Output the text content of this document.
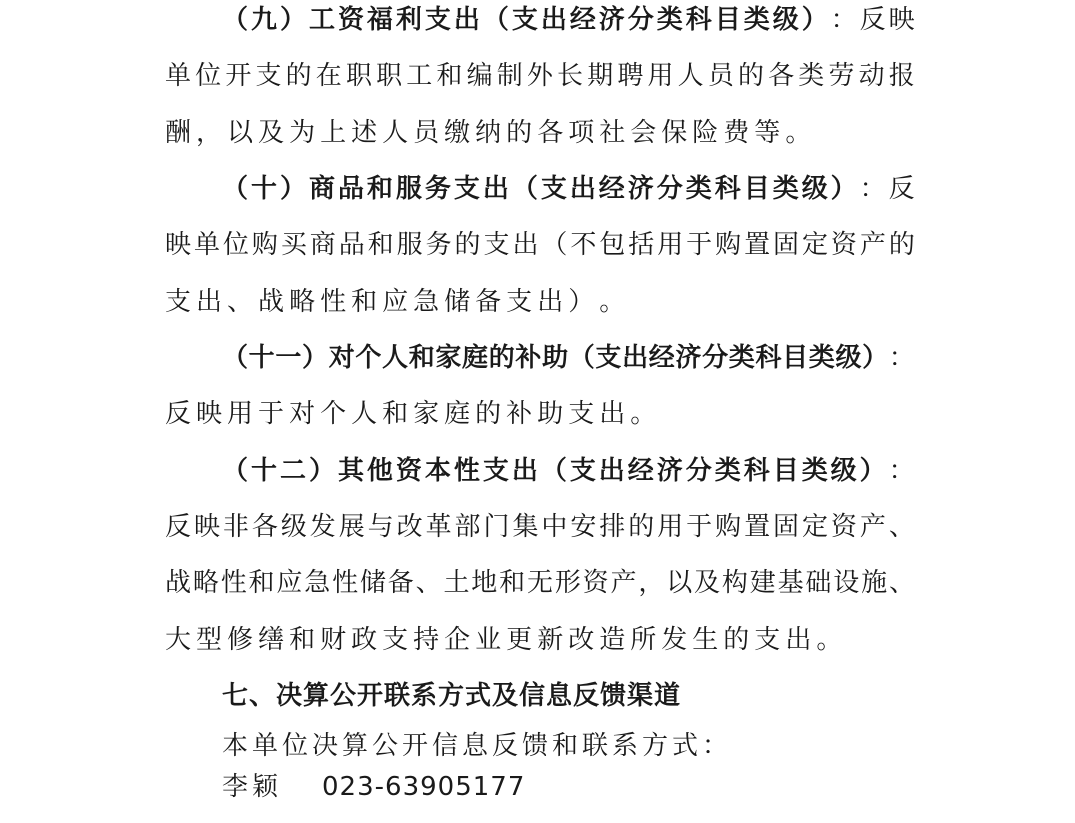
（ 九 ） 工 资 福 利 支 出 （ 支 出 经 济 分 类 科 目 类 级 ） ： 反 映
单 位 开 支 的 在 职 职 工 和 编 制 外 长 期 聘 用 人 员 的 各 类 劳 动 报
酬 ， 以 及 为 上 述 人 员 缴 纳 的 各 项 社 会 保 险 费 等 。
（ 十 ） 商 品 和 服 务 支 出 （ 支 出 经 济 分 类 科 目 类 级 ） ： 反
映 单 位 购 买 商 品 和 服 务 的 支 出 （ 不 包 括 用 于 购 置 固 定 资 产 的
支 出 、 战 略 性 和 应 急 储 备 支 出 ） 。
（ 十 一 ） 对 个 人 和 家 庭 的 补 助 （ 支 出 经 济 分 类 科 目 类 级 ） ：
反 映 用 于 对 个 人 和 家 庭 的 补 助 支 出 。
（ 十 二 ） 其 他 资 本 性 支 出 （ 支 出 经 济 分 类 科 目 类 级 ） ：
反 映 非 各 级 发 展 与 改 革 部 门 集 中 安 排 的 用 于 购 置 固 定 资 产 、
战 略 性 和 应 急 性 储 备 、 土 地 和 无 形 资 产 ， 以 及 构 建 基 础 设 施 、
大 型 修 缮 和 财 政 支 持 企 业 更 新 改 造 所 发 生 的 支 出 。
七、决算公开联系方式及信息反馈渠道
本单位决算公开信息反馈和联系方式：
李颖 023-63905177
